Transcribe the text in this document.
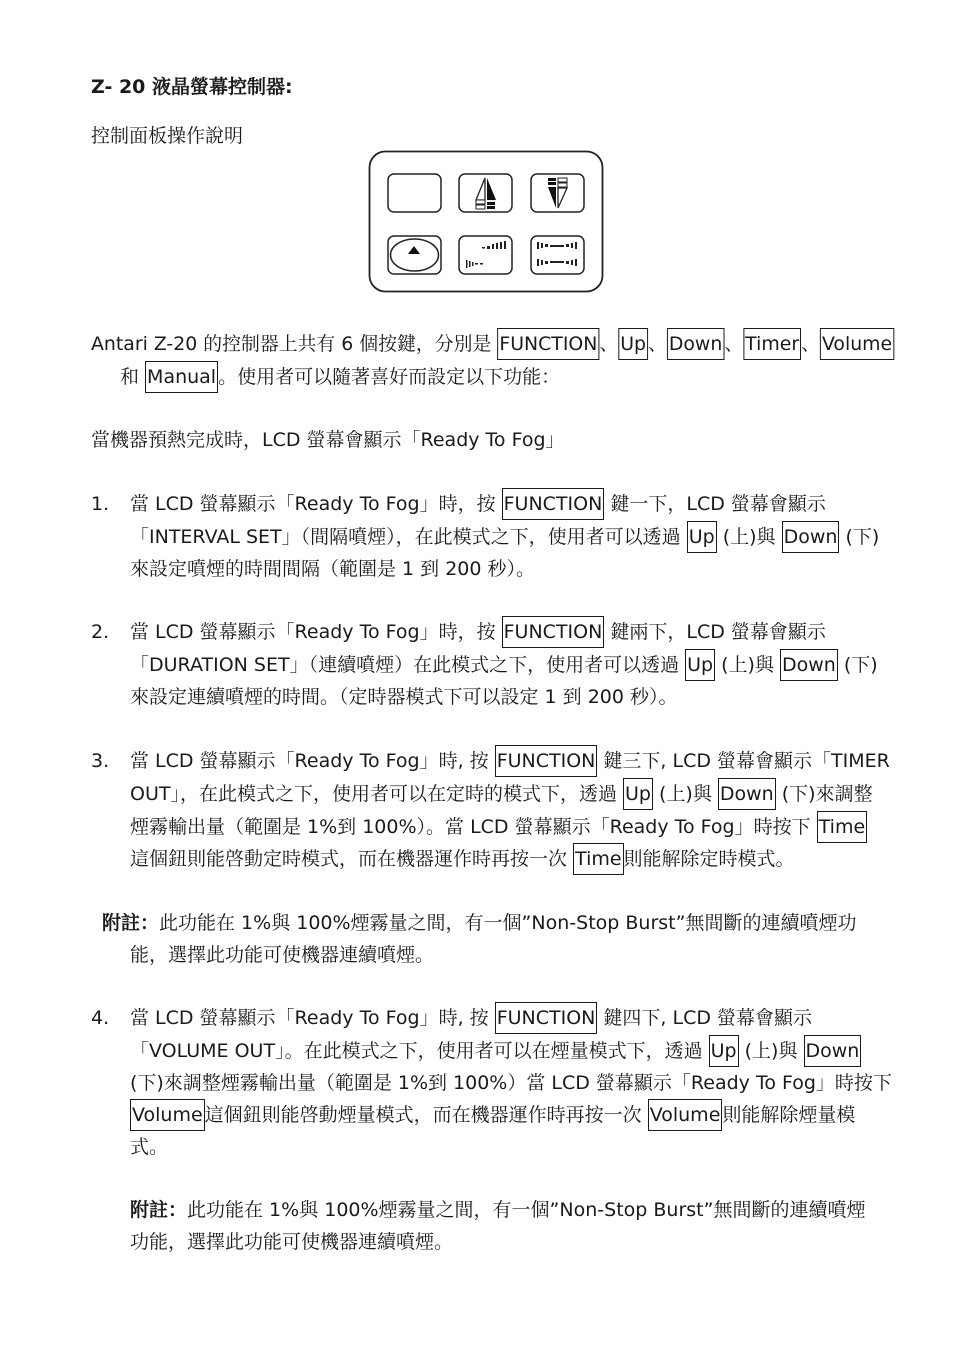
Z- 20 液晶螢幕控制器:
控制面板操作說明
Antari Z-20 的控制器上共有 6 個按鍵，分別是 FUNCTION 、 Up 、 Down 、 Timer 、 Volume
和 Manual 。使用者可以隨著喜好而設定以下功能：
當機器預熱完成時，LCD 螢幕會顯示「Ready To Fog」
1. 當 LCD 螢幕顯示「Ready To Fog」時，按 FUNCTION 鍵一下，LCD 螢幕會顯示
「INTERVAL SET」（間隔噴煙），在此模式之下，使用者可以透過 Up (上)與 Down (下)
來設定噴煙的時間間隔（範圍是 1 到 200 秒）。
2. 當 LCD 螢幕顯示「Ready To Fog」時，按 FUNCTION 鍵兩下，LCD 螢幕會顯示
「DURATION SET」（連續噴煙）在此模式之下，使用者可以透過 Up (上)與 Down (下)
來設定連續噴煙的時間。（定時器模式下可以設定 1 到 200 秒）。
3. 當 LCD 螢幕顯示「Ready To Fog」時, 按 FUNCTION 鍵三下, LCD 螢幕會顯示「TIMER
OUT」，在此模式之下，使用者可以在定時的模式下，透過 Up (上)與 Down (下)來調整
煙霧輸出量（範圍是 1%到 100%）。當 LCD 螢幕顯示「Ready To Fog」時按下 Time
這個鈕則能啓動定時模式，而在機器運作時再按一次 Time 則能解除定時模式。
附註：此功能在 1%與 100%煙霧量之間，有一個”Non-Stop Burst”無間斷的連續噴煙功
能，選擇此功能可使機器連續噴煙。
4. 當 LCD 螢幕顯示「Ready To Fog」時, 按 FUNCTION 鍵四下, LCD 螢幕會顯示
「VOLUME OUT」。在此模式之下，使用者可以在煙量模式下，透過 Up (上)與 Down
(下)來調整煙霧輸出量（範圍是 1%到 100%）當 LCD 螢幕顯示「Ready To Fog」時按下
Volume 這個鈕則能啓動煙量模式，而在機器運作時再按一次 Volume 則能解除煙量模
式。
附註：此功能在 1%與 100%煙霧量之間，有一個”Non-Stop Burst”無間斷的連續噴煙
功能，選擇此功能可使機器連續噴煙。
